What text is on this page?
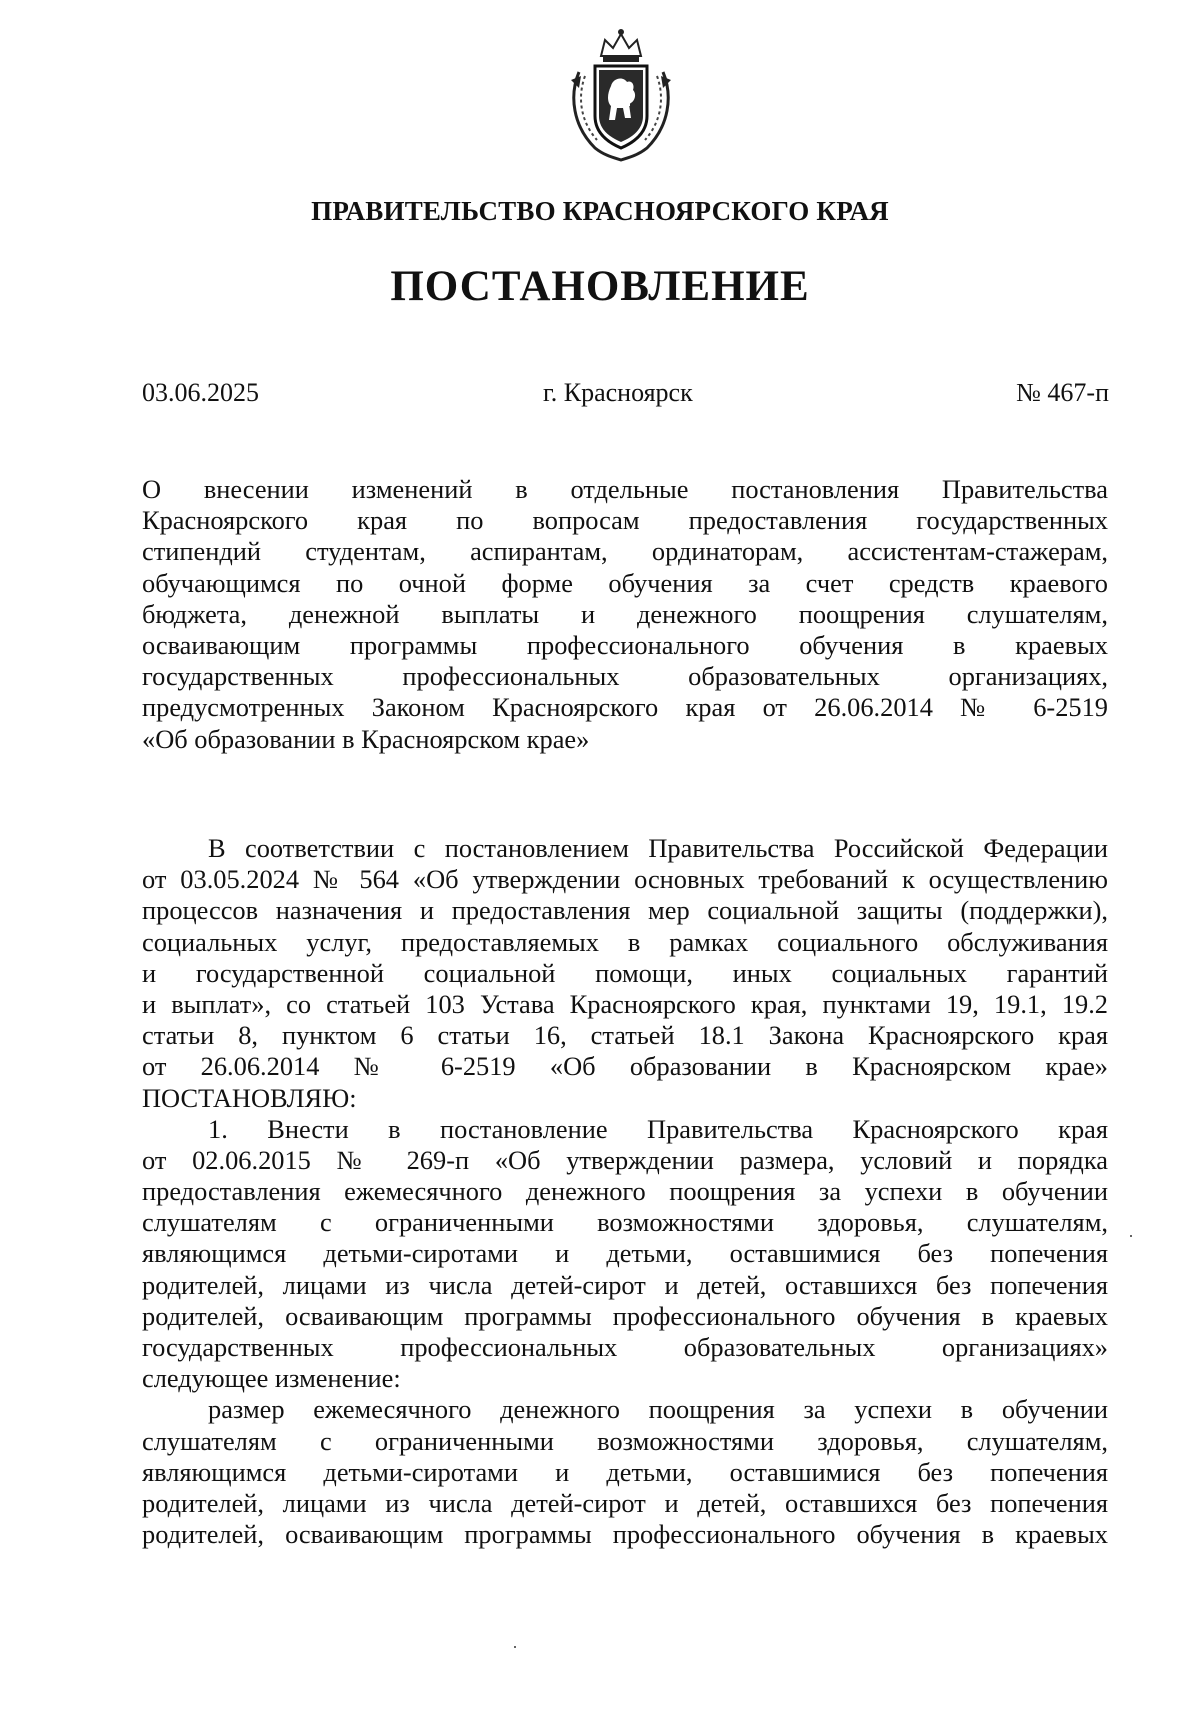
ПРАВИТЕЛЬСТВО КРАСНОЯРСКОГО КРАЯ
ПОСТАНОВЛЕНИЕ
03.06.2025	г. Красноярск	№ 467-п
О внесении изменений в отдельные постановления Правительства
Красноярского края по вопросам предоставления государственных
стипендий студентам, аспирантам, ординаторам, ассистентам-стажерам,
обучающимся по очной форме обучения за счет средств краевого
бюджета, денежной выплаты и денежного поощрения слушателям,
осваивающим программы профессионального обучения в краевых
государственных профессиональных образовательных организациях,
предусмотренных Законом Красноярского края от 26.06.2014 № 6-2519
«Об образовании в Красноярском крае»
В соответствии с постановлением Правительства Российской Федерации
от 03.05.2024 № 564 «Об утверждении основных требований к осуществлению
процессов назначения и предоставления мер социальной защиты (поддержки),
социальных услуг, предоставляемых в рамках социального обслуживания
и государственной социальной помощи, иных социальных гарантий
и выплат», со статьей 103 Устава Красноярского края, пунктами 19, 19.1, 19.2
статьи 8, пунктом 6 статьи 16, статьей 18.1 Закона Красноярского края
от 26.06.2014 № 6-2519 «Об образовании в Красноярском крае»
ПОСТАНОВЛЯЮ:
1. Внести в постановление Правительства Красноярского края
от 02.06.2015 № 269-п «Об утверждении размера, условий и порядка
предоставления ежемесячного денежного поощрения за успехи в обучении
слушателям с ограниченными возможностями здоровья, слушателям,
являющимся детьми-сиротами и детьми, оставшимися без попечения
родителей, лицами из числа детей-сирот и детей, оставшихся без попечения
родителей, осваивающим программы профессионального обучения в краевых
государственных профессиональных образовательных организациях»
следующее изменение:
размер ежемесячного денежного поощрения за успехи в обучении
слушателям с ограниченными возможностями здоровья, слушателям,
являющимся детьми-сиротами и детьми, оставшимися без попечения
родителей, лицами из числа детей-сирот и детей, оставшихся без попечения
родителей, осваивающим программы профессионального обучения в краевых
